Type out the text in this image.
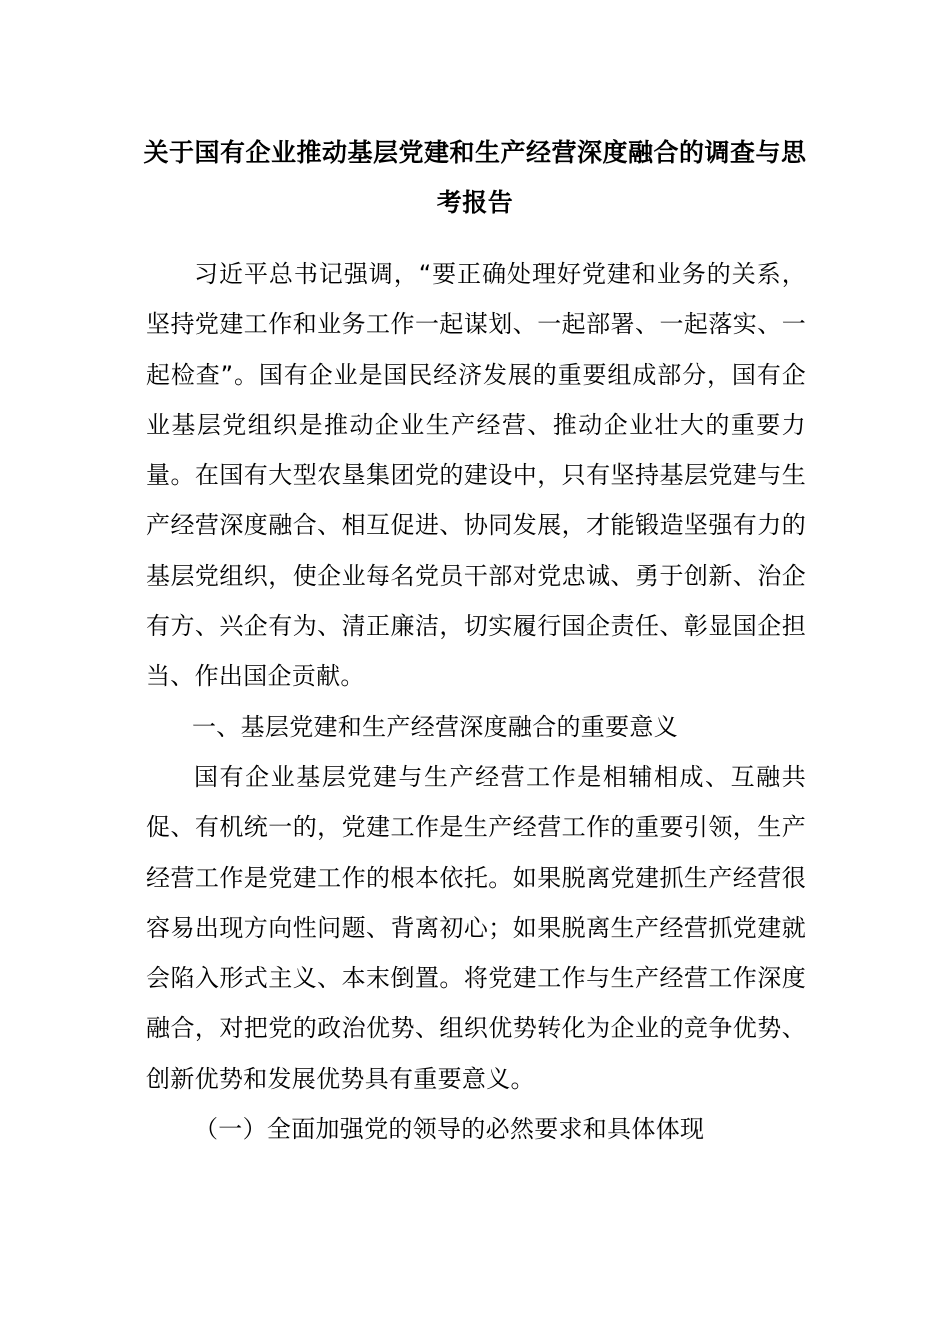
关于国有企业推动基层党建和生产经营深度融合的调查与思考报告

习近平总书记强调，“要正确处理好党建和业务的关系，坚持党建工作和业务工作一起谋划、一起部署、一起落实、一起检查”。国有企业是国民经济发展的重要组成部分，国有企业基层党组织是推动企业生产经营、推动企业壮大的重要力量。在国有大型农垦集团党的建设中，只有坚持基层党建与生产经营深度融合、相互促进、协同发展，才能锻造坚强有力的基层党组织，使企业每名党员干部对党忠诚、勇于创新、治企有方、兴企有为、清正廉洁，切实履行国企责任、彰显国企担当、作出国企贡献。

一、基层党建和生产经营深度融合的重要意义

国有企业基层党建与生产经营工作是相辅相成、互融共促、有机统一的，党建工作是生产经营工作的重要引领，生产经营工作是党建工作的根本依托。如果脱离党建抓生产经营很容易出现方向性问题、背离初心；如果脱离生产经营抓党建就会陷入形式主义、本末倒置。将党建工作与生产经营工作深度融合，对把党的政治优势、组织优势转化为企业的竞争优势、创新优势和发展优势具有重要意义。

（一）全面加强党的领导的必然要求和具体体现
